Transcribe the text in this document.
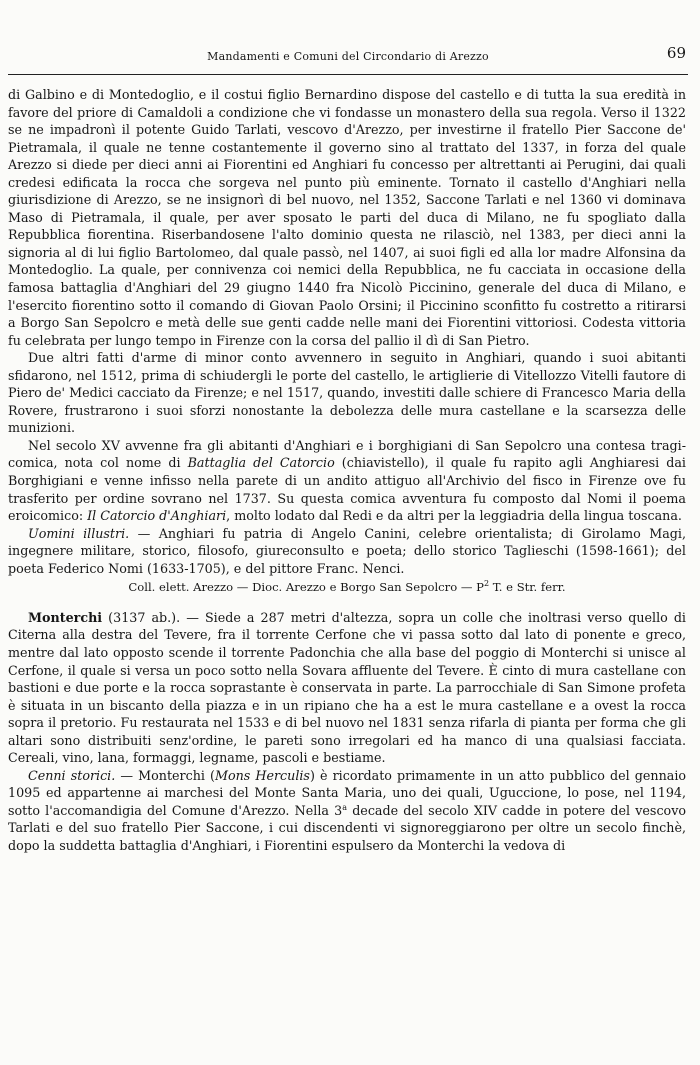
Mandamenti e Comuni del Circondario di Arezzo	69

di Galbino e di Montedoglio, e il costui figlio Bernardino dispose del castello e di tutta la sua eredità in favore del priore di Camaldoli a condizione che vi fondasse un monastero della sua regola. Verso il 1322 se ne impadronì il potente Guido Tarlati, vescovo d'Arezzo, per investirne il fratello Pier Saccone de' Pietramala, il quale ne tenne costantemente il governo sino al trattato del 1337, in forza del quale Arezzo si diede per dieci anni ai Fiorentini ed Anghiari fu concesso per altrettanti ai Perugini, dai quali credesi edificata la rocca che sorgeva nel punto più eminente. Tornato il castello d'Anghiari nella giurisdizione di Arezzo, se ne insignorì di bel nuovo, nel 1352, Saccone Tarlati e nel 1360 vi dominava Maso di Pietramala, il quale, per aver sposato le parti del duca di Milano, ne fu spogliato dalla Repubblica fiorentina. Riserbandosene l'alto dominio questa ne rilasciò, nel 1383, per dieci anni la signoria al di lui figlio Bartolomeo, dal quale passò, nel 1407, ai suoi figli ed alla lor madre Alfonsina da Montedoglio. La quale, per connivenza coi nemici della Repubblica, ne fu cacciata in occasione della famosa battaglia d'Anghiari del 29 giugno 1440 fra Nicolò Piccinino, generale del duca di Milano, e l'esercito fiorentino sotto il comando di Giovan Paolo Orsini; il Piccinino sconfitto fu costretto a ritirarsi a Borgo San Sepolcro e metà delle sue genti cadde nelle mani dei Fiorentini vittoriosi. Codesta vittoria fu celebrata per lungo tempo in Firenze con la corsa del pallio il dì di San Pietro.

Due altri fatti d'arme di minor conto avvennero in seguito in Anghiari, quando i suoi abitanti sfidarono, nel 1512, prima di schiudergli le porte del castello, le artiglierie di Vitellozzo Vitelli fautore di Piero de' Medici cacciato da Firenze; e nel 1517, quando, investiti dalle schiere di Francesco Maria della Rovere, frustrarono i suoi sforzi nonostante la debolezza delle mura castellane e la scarsezza delle munizioni.

Nel secolo XV avvenne fra gli abitanti d'Anghiari e i borghigiani di San Sepolcro una contesa tragi-comica, nota col nome di Battaglia del Catorcio (chiavistello), il quale fu rapito agli Anghiaresi dai Borghigiani e venne infisso nella parete di un andito attiguo all'Archivio del fisco in Firenze ove fu trasferito per ordine sovrano nel 1737. Su questa comica avventura fu composto dal Nomi il poema eroicomico: Il Catorcio d'Anghiari, molto lodato dal Redi e da altri per la leggiadria della lingua toscana.

Uomini illustri. — Anghiari fu patria di Angelo Canini, celebre orientalista; di Girolamo Magi, ingegnere militare, storico, filosofo, giureconsulto e poeta; dello storico Taglieschi (1598-1661); del poeta Federico Nomi (1633-1705), e del pittore Franc. Nenci.

Coll. elett. Arezzo — Dioc. Arezzo e Borgo San Sepolcro — $P^2$ T. e Str. ferr.

Monterchi (3137 ab.). — Siede a 287 metri d'altezza, sopra un colle che inoltrasi verso quello di Citerna alla destra del Tevere, fra il torrente Cerfone che vi passa sotto dal lato di ponente e greco, mentre dal lato opposto scende il torrente Padonchia che alla base del poggio di Monterchi si unisce al Cerfone, il quale si versa un poco sotto nella Sovara affluente del Tevere. È cinto di mura castellane con bastioni e due porte e la rocca soprastante è conservata in parte. La parrocchiale di San Simone profeta è situata in un biscanto della piazza e in un ripiano che ha a est le mura castellane e a ovest la rocca sopra il pretorio. Fu restaurata nel 1533 e di bel nuovo nel 1831 senza rifarla di pianta per forma che gli altari sono distribuiti senz'ordine, le pareti sono irregolari ed ha manco di una qualsiasi facciata. Cereali, vino, lana, formaggi, legname, pascoli e bestiame.

Cenni storici. — Monterchi (Mons Herculis) è ricordato primamente in un atto pubblico del gennaio 1095 ed appartenne ai marchesi del Monte Santa Maria, uno dei quali, Uguccione, lo pose, nel 1194, sotto l'accomandigia del Comune d'Arezzo. Nella 3$^a$ decade del secolo XIV cadde in potere del vescovo Tarlati e del suo fratello Pier Saccone, i cui discendenti vi signoreggiarono per oltre un secolo finchè, dopo la suddetta battaglia d'Anghiari, i Fiorentini espulsero da Monterchi la vedova di
